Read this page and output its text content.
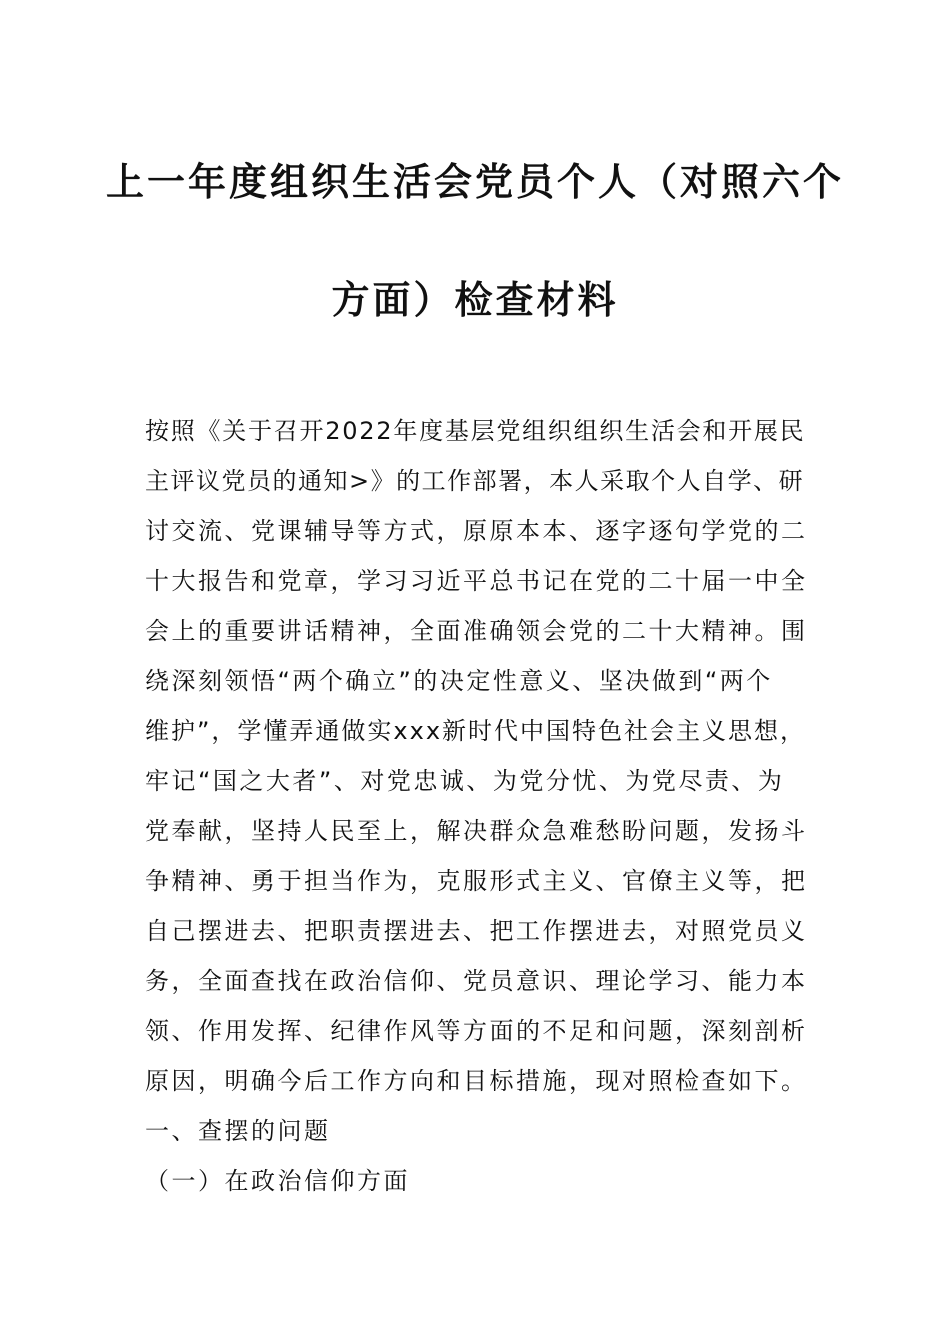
上一年度组织生活会党员个人（对照六个
方面）检查材料

按照《关于召开2022年度基层党组织组织生活会和开展民

主评议党员的通知>》的工作部署，本人采取个人自学、研

讨交流、党课辅导等方式，原原本本、逐字逐句学党的二

十大报告和党章，学习习近平总书记在党的二十届一中全

会上的重要讲话精神，全面准确领会党的二十大精神。围

绕深刻领悟“两个确立”的决定性意义、坚决做到“两个

维护”，学懂弄通做实xxx新时代中国特色社会主义思想，

牢记“国之大者”、对党忠诚、为党分忧、为党尽责、为

党奉献，坚持人民至上，解决群众急难愁盼问题，发扬斗

争精神、勇于担当作为，克服形式主义、官僚主义等，把

自己摆进去、把职责摆进去、把工作摆进去，对照党员义

务，全面查找在政治信仰、党员意识、理论学习、能力本

领、作用发挥、纪律作风等方面的不足和问题，深刻剖析

原因，明确今后工作方向和目标措施，现对照检查如下。

一、查摆的问题

（一）在政治信仰方面
